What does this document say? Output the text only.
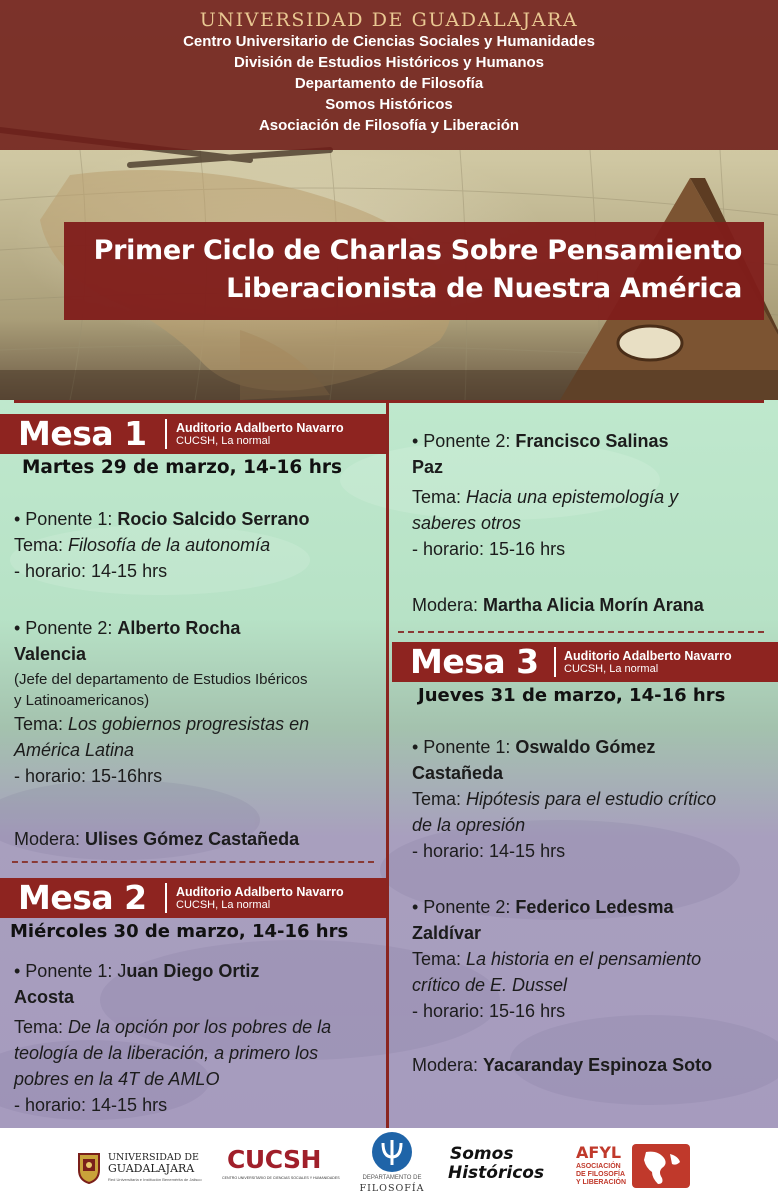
UNIVERSIDAD DE GUADALAJARA
Centro Universitario de Ciencias Sociales y Humanidades
División de Estudios Históricos y Humanos
Departamento de Filosofía
Somos Históricos
Asociación de Filosofía y Liberación
Primer Ciclo de Charlas Sobre Pensamiento
Liberacionista de Nuestra América
Mesa 1 Auditorio Adalberto Navarro
CUCSH, La normal
Martes 29 de marzo, 14-16 hrs
• Ponente 1: Rocio Salcido Serrano
Tema: Filosofía de la autonomía
- horario: 14-15 hrs
• Ponente 2: Alberto Rocha
Valencia
(Jefe del departamento de Estudios Ibéricos
y Latinoamericanos)
Tema: Los gobiernos progresistas en
América Latina
- horario: 15-16hrs
Modera: Ulises Gómez Castañeda
Mesa 2 Auditorio Adalberto Navarro
CUCSH, La normal
Miércoles 30 de marzo, 14-16 hrs
• Ponente 1: Juan Diego Ortiz
Acosta
Tema: De la opción por los pobres de la
teología de la liberación, a primero los
pobres en la 4T de AMLO
- horario: 14-15 hrs
• Ponente 2: Francisco Salinas
Paz
Tema: Hacia una epistemología y
saberes otros
- horario: 15-16 hrs
Modera: Martha Alicia Morín Arana
Mesa 3 Auditorio Adalberto Navarro
CUCSH, La normal
Jueves 31 de marzo, 14-16 hrs
• Ponente 1: Oswaldo Gómez
Castañeda
Tema: Hipótesis para el estudio crítico
de la opresión
- horario: 14-15 hrs
• Ponente 2: Federico Ledesma
Zaldívar
Tema: La historia en el pensamiento
crítico de E. Dussel
- horario: 15-16 hrs
Modera: Yacaranday Espinoza Soto
UNIVERSIDAD DE
GUADALAJARA
Red Universitaria e Institución Benemérita de Jalisco
CUCSH
CENTRO UNIVERSITARIO DE CIENCIAS SOCIALES Y HUMANIDADES	DEPARTAMENTO DE
FILOSOFÍA
Somos
Históricos
AFYL
ASOCIACIÓN
DE FILOSOFÍA
Y LIBERACIÓN
